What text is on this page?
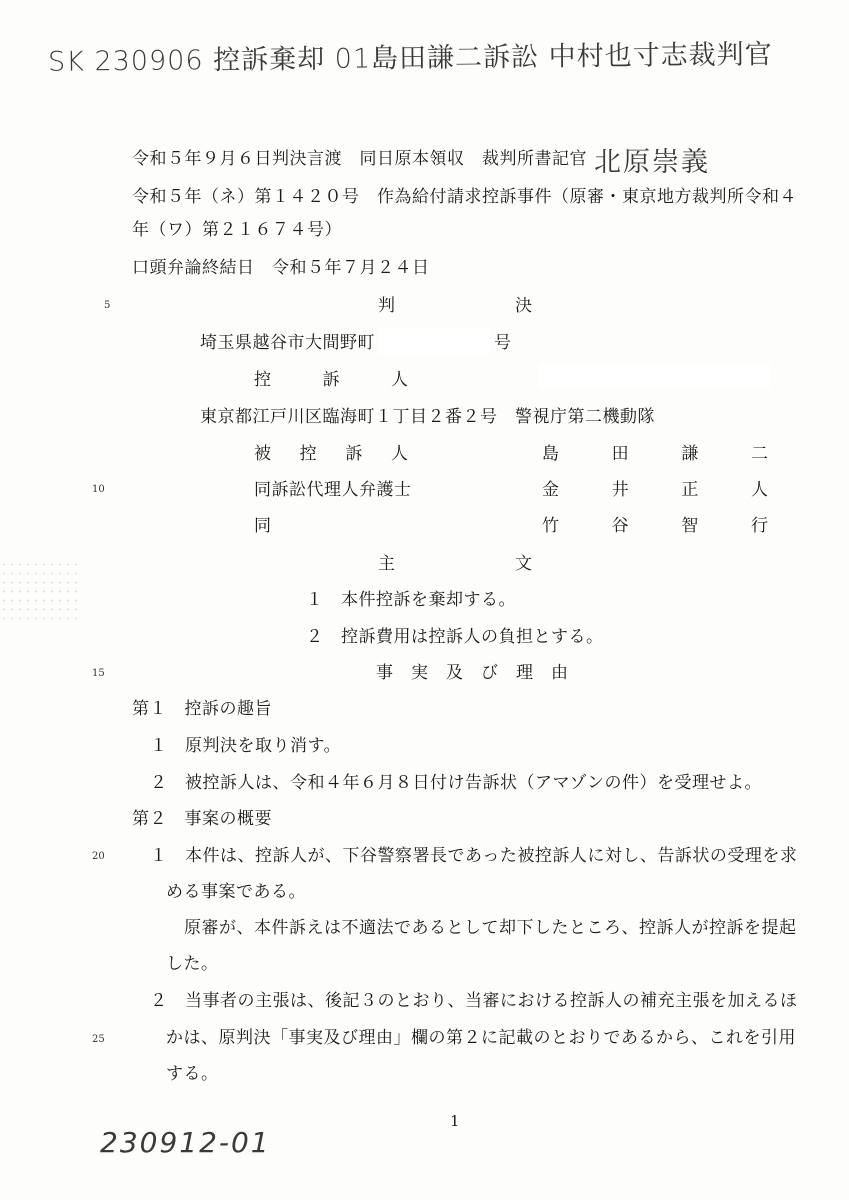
SK 230906 控訴棄却 01島田謙二訴訟 中村也寸志裁判官
北原崇義
230912-01
令和５年９月６日判決言渡　同日原本領収　裁判所書記官
令和５年（ネ）第１４２０号　作為給付請求控訴事件（原審・東京地方裁判所令和４
年（ワ）第２１６７４号）
口頭弁論終結日　令和５年７月２４日
5
10
15
20
25
判	決
埼玉県越谷市大間野町	号
控	訴	人
東京都江戸川区臨海町１丁目２番２号　警視庁第二機動隊
被 控 訴 人	島	田	謙	二
同訴訟代理人弁護士	金	井	正	人
同	竹	谷	智	行
主	文
１　本件控訴を棄却する。
２　控訴費用は控訴人の負担とする。
事　実　及　び　理　由
第１　控訴の趣旨
１　原判決を取り消す。
２　被控訴人は、令和４年６月８日付け告訴状（アマゾンの件）を受理せよ。
第２　事案の概要
１　本件は、控訴人が、下谷警察署長であった被控訴人に対し、告訴状の受理を求
める事案である。
原審が、本件訴えは不適法であるとして却下したところ、控訴人が控訴を提起
した。
２　当事者の主張は、後記３のとおり、当審における控訴人の補充主張を加えるほ
かは、原判決「事実及び理由」欄の第２に記載のとおりであるから、これを引用
する。
1
